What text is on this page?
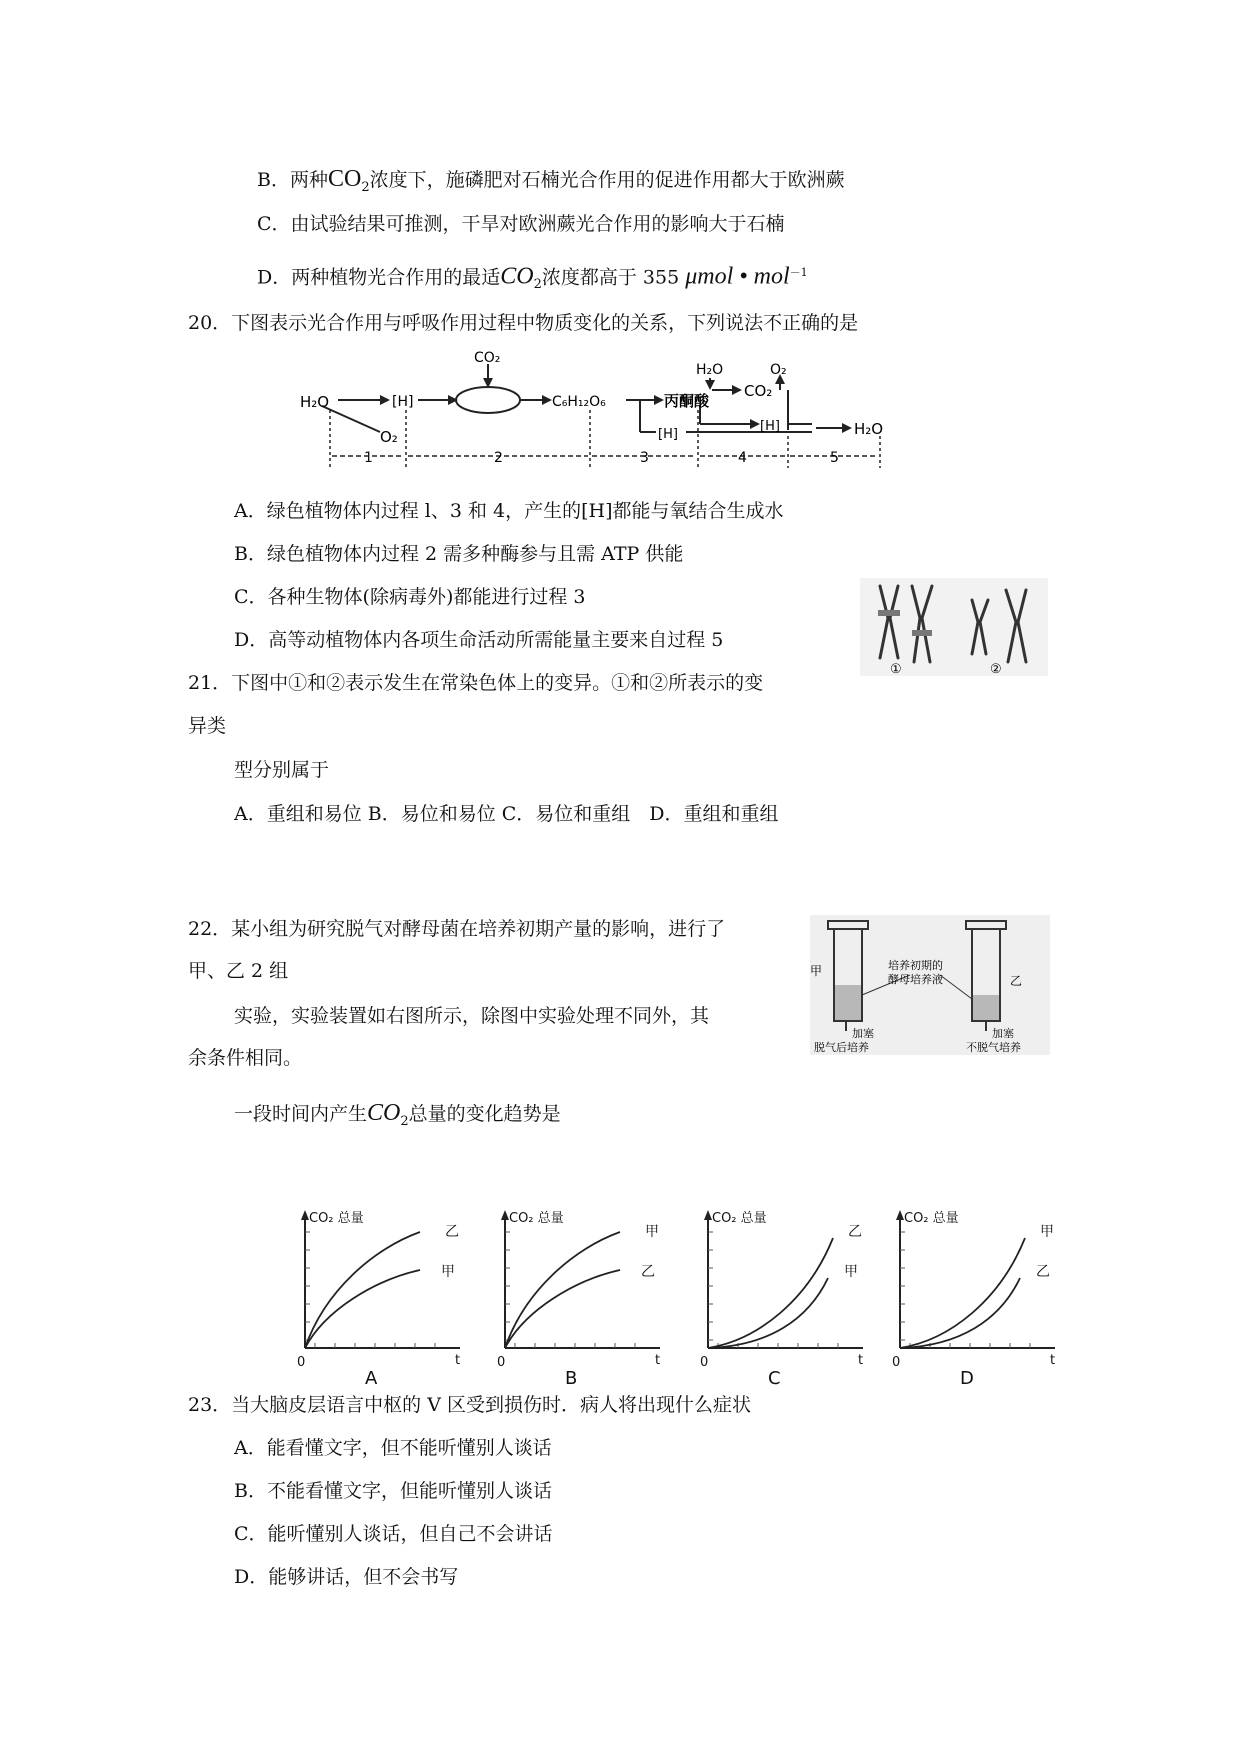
B．两种$CO_2$浓度下，施磷肥对石楠光合作用的促进作用都大于欧洲蕨
C．由试验结果可推测，干旱对欧洲蕨光合作用的影响大于石楠
D．两种植物光合作用的最适$CO_2$浓度都高于 355 μmol • mol$^{-1}$
20．下图表示光合作用与呼吸作用过程中物质变化的关系，下列说法不正确的是
H₂O	[H]
CO₂
O₂
C₆H₁₂O₆	丙酮酸
H₂O	O₂
CO₂
[H]
[H]	H₂O
1	2	3	4	5
A．绿色植物体内过程 l、3 和 4，产生的[H]都能与氧结合生成水
B．绿色植物体内过程 2 需多种酶参与且需 ATP 供能
C．各种生物体(除病毒外)都能进行过程 3
D．高等动植物体内各项生命活动所需能量主要来自过程 5
①	②
21．下图中①和②表示发生在常染色体上的变异。①和②所表示的变
异类
型分别属于
A．重组和易位 B．易位和易位 C．易位和重组　D．重组和重组
22．某小组为研究脱气对酵母菌在培养初期产量的影响，进行了
甲、乙 2 组
实验，实验装置如右图所示，除图中实验处理不同外，其
余条件相同。
一段时间内产生$CO_2$总量的变化趋势是
甲
乙
培养初期的
酵母培养液
加塞	加塞
脱气后培养	不脱气培养
CO₂ 总量
乙
甲
0	t
A
CO₂ 总量
甲
乙
0	t
B
CO₂ 总量
乙
甲
0	t
C
CO₂ 总量
甲
乙
0	t
D
23．当大脑皮层语言中枢的 V 区受到损伤时．病人将出现什么症状
A．能看懂文字，但不能听懂别人谈话
B．不能看懂文字，但能听懂别人谈话
C．能听懂别人谈话，但自己不会讲话
D．能够讲话，但不会书写
